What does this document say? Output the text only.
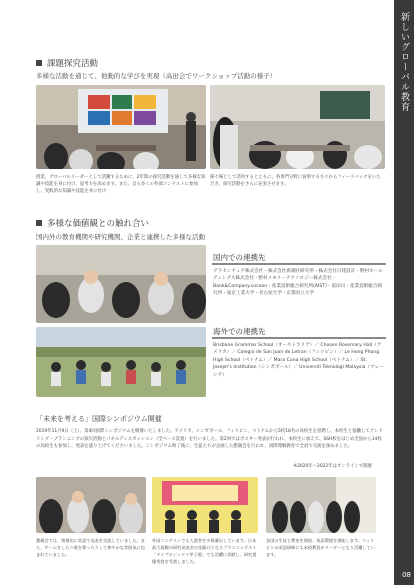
新しいグローバル教育
08
課題探究活動
多様な活動を通じて、他動的な学びを実現（高田会でワークショップ活動の様子）
授業、グローバルリーダーとして活躍するために、2年間の探究活動を通して多様な知識や技能を身に付け、思考力を高めます。また、自ら多くの外部コンテストに参加し、実践的な知識や技能を身に付け
様々場として活用するとともに、各専門分野に従事する方々からフィードバックをいただき、探究活動をさらに充実させます。
多様な価値観との触れ合い
国内外の教育機関や研究機関、企業と連携した多様な活動
国内での連携先
グラセンチュア株式会社・株式会社新潮社研究所・株式会社日建設計・野村ホールディングス株式会社・野村メモリーテクノロジー株式会社・Bank&Company.cocoon・産業技術総合研究所(AIST)・富田川・産業技術総合研究所・東京工業大学・名古屋大学・京都府立大学
海外での連携先
Brisbane Grammar School（オーストラリア）／ Chosen Rosemary Hall（アメリカ）／ Colegio de San Juan de Letran（フィリピン）／ Le Hong Phong High School（ベトナム）／ Mara Cuna High School（ベトナム）／ St. Joseph's Institution（シンガポール）／ Universiti Teknologi Malaysia（マレーシア）
「未来を考える」国際シンポジウム開催
2019年11月9日（土）、第4回国際シンポジウムを開催いたしました。アメリカ、シンガポール、フィリピン、ベトナムから5校18名の高校生を招聘し、本校生と協働してアンドリング・プランニングの探究活動とパネルディスカッション（全ベース設置）を行いました。第2回ではポスター発表が行われ、本校生に加えて、SSH校をはじめ全国から14校の高校生も参加し、発表を盛り上げてくださいました。シンポジウム終了後に、生徒たちが企画した懇親会を行われ、国際理解教育で全員で交流を深めました。
※2020年〜2022年はオンラインで開催
懇親会では、情報的に英語で発表を交流していました。また、ゲームをしたり歌を歌ったりして和やかな雰囲気に包まれていました。
外国コンテストでも入賞者を多数輩出しています。日本最大規模の研究発表会の先駆けとなるプランコンテスト「マイプロジェクト甲子園」でも活躍に貢献し、研究賞優秀賞を受賞しました。
各国の生徒と教室を開放、英語環境を堪能します。フィリピンの英語研修にも本校教員がリーダーとなり活躍しています。
